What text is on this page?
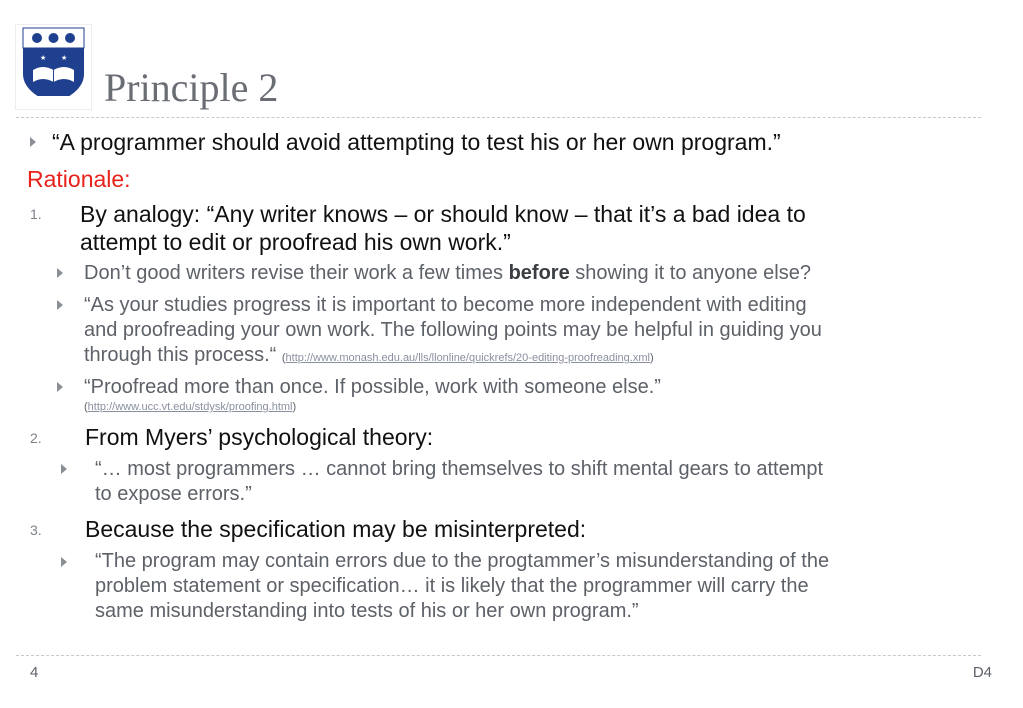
★ ★
Principle 2

“A programmer should avoid attempting to test his or her own program.”

Rationale:

1. By analogy: “Any writer knows – or should know – that it’s a bad idea to

attempt to edit or proofread his own work.”

Don’t good writers revise their work a few times before showing it to anyone else?

“As your studies progress it is important to become more independent with editing

and proofreading your own work. The following points may be helpful in guiding you

through this process.“ (http://www.monash.edu.au/lls/llonline/quickrefs/20-editing-proofreading.xml)

“Proofread more than once. If possible, work with someone else.”

(http://www.ucc.vt.edu/stdysk/proofing.html)

2. From Myers’ psychological theory:

“… most programmers … cannot bring themselves to shift mental gears to attempt

to expose errors.”

3. Because the specification may be misinterpreted:

“The program may contain errors due to the progtammer’s misunderstanding of the

problem statement or specification… it is likely that the programmer will carry the

same misunderstanding into tests of his or her own program.”

4	D4
